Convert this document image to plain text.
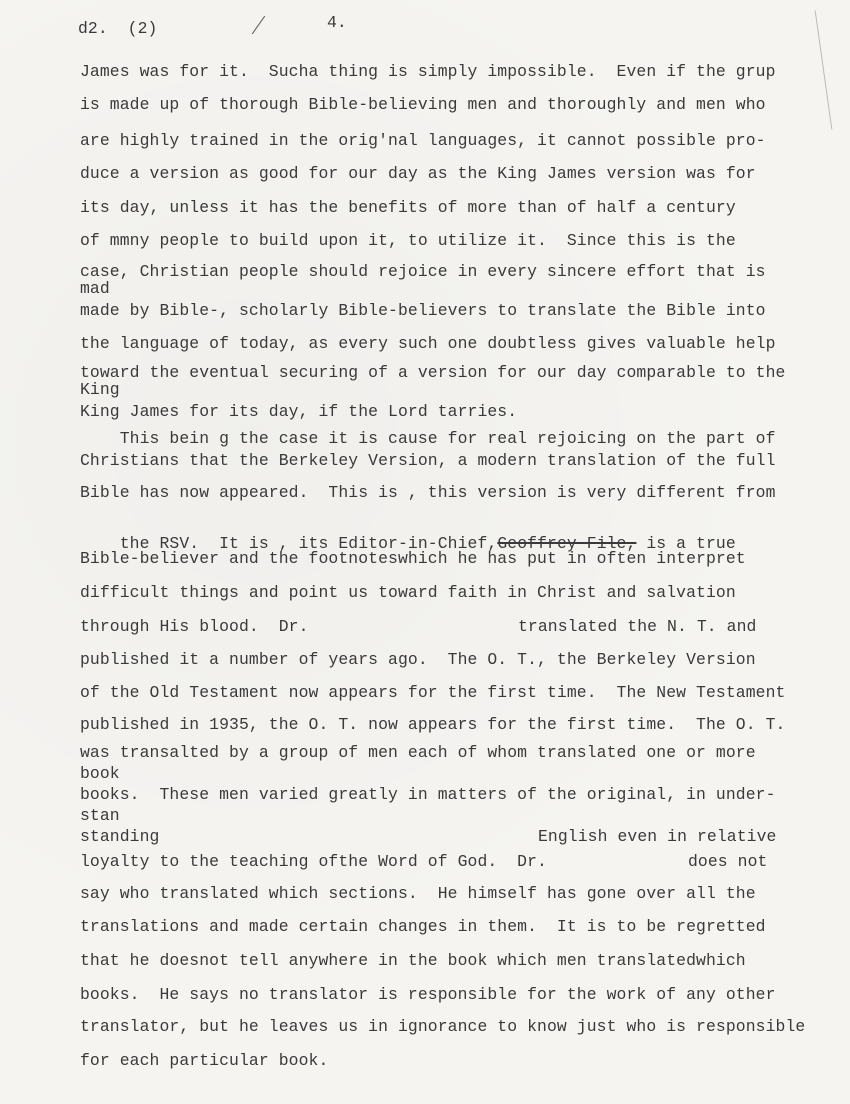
d2.  (2)	4.
James was for it.  Sucha thing is simply impossible.  Even if the grup
is made up of thorough Bible-believing men and thoroughly and men who
are highly trained in the orig'nal languages, it cannot possible pro-
duce a version as good for our day as the King James version was for
its day, unless it has the benefits of more than of half a century
of mmny people to build upon it, to utilize it.  Since this is the
case, Christian people should rejoice in every sincere effort that is
mad
made by Bible-, scholarly Bible-believers to translate the Bible into
the language of today, as every such one doubtless gives valuable help
toward the eventual securing of a version for our day comparable to the
King
King James for its day, if the Lord tarries.
This bein g the case it is cause for real rejoicing on the part of
Christians that the Berkeley Version, a modern translation of the full
Bible has now appeared.  This is , this version is very different from

the RSV.  It is , its Editor-in-Chief,Geoffrey File, is a true

Bible-believer and the footnoteswhich he has put in often interpret
difficult things and point us toward faith in Christ and salvation
through His blood.  Dr.	translated the N. T. and
published it a number of years ago.  The O. T., the Berkeley Version
of the Old Testament now appears for the first time.  The New Testament
published in 1935, the O. T. now appears for the first time.  The O. T.
was transalted by a group of men each of whom translated one or more
book
books.  These men varied greatly in matters of the original, in under-
stan
standing	English even in relative
loyalty to the teaching ofthe Word of God.  Dr.	does not
say who translated which sections.  He himself has gone over all the
translations and made certain changes in them.  It is to be regretted
that he doesnot tell anywhere in the book which men translatedwhich
books.  He says no translator is responsible for the work of any other
translator, but he leaves us in ignorance to know just who is responsible
for each particular book.
